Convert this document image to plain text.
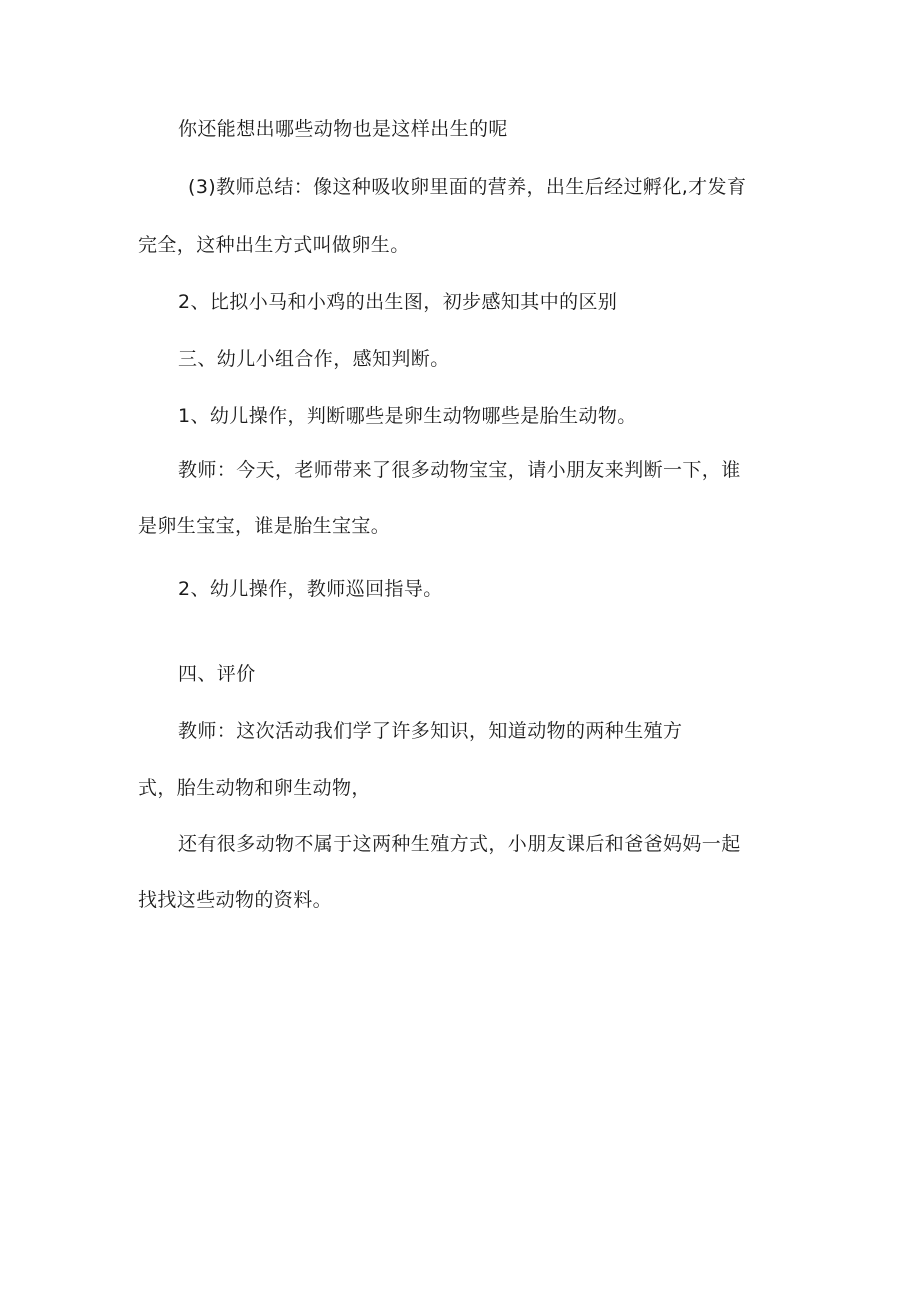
你还能想出哪些动物也是这样出生的呢
(3)教师总结：像这种吸收卵里面的营养，出生后经过孵化,才发育
完全，这种出生方式叫做卵生。
2、比拟小马和小鸡的出生图，初步感知其中的区别
三、幼儿小组合作，感知判断。
1、幼儿操作，判断哪些是卵生动物哪些是胎生动物。
教师：今天，老师带来了很多动物宝宝，请小朋友来判断一下，谁
是卵生宝宝，谁是胎生宝宝。
2、幼儿操作，教师巡回指导。
四、评价
教师：这次活动我们学了许多知识，知道动物的两种生殖方
式，胎生动物和卵生动物，
还有很多动物不属于这两种生殖方式，小朋友课后和爸爸妈妈一起
找找这些动物的资料。
